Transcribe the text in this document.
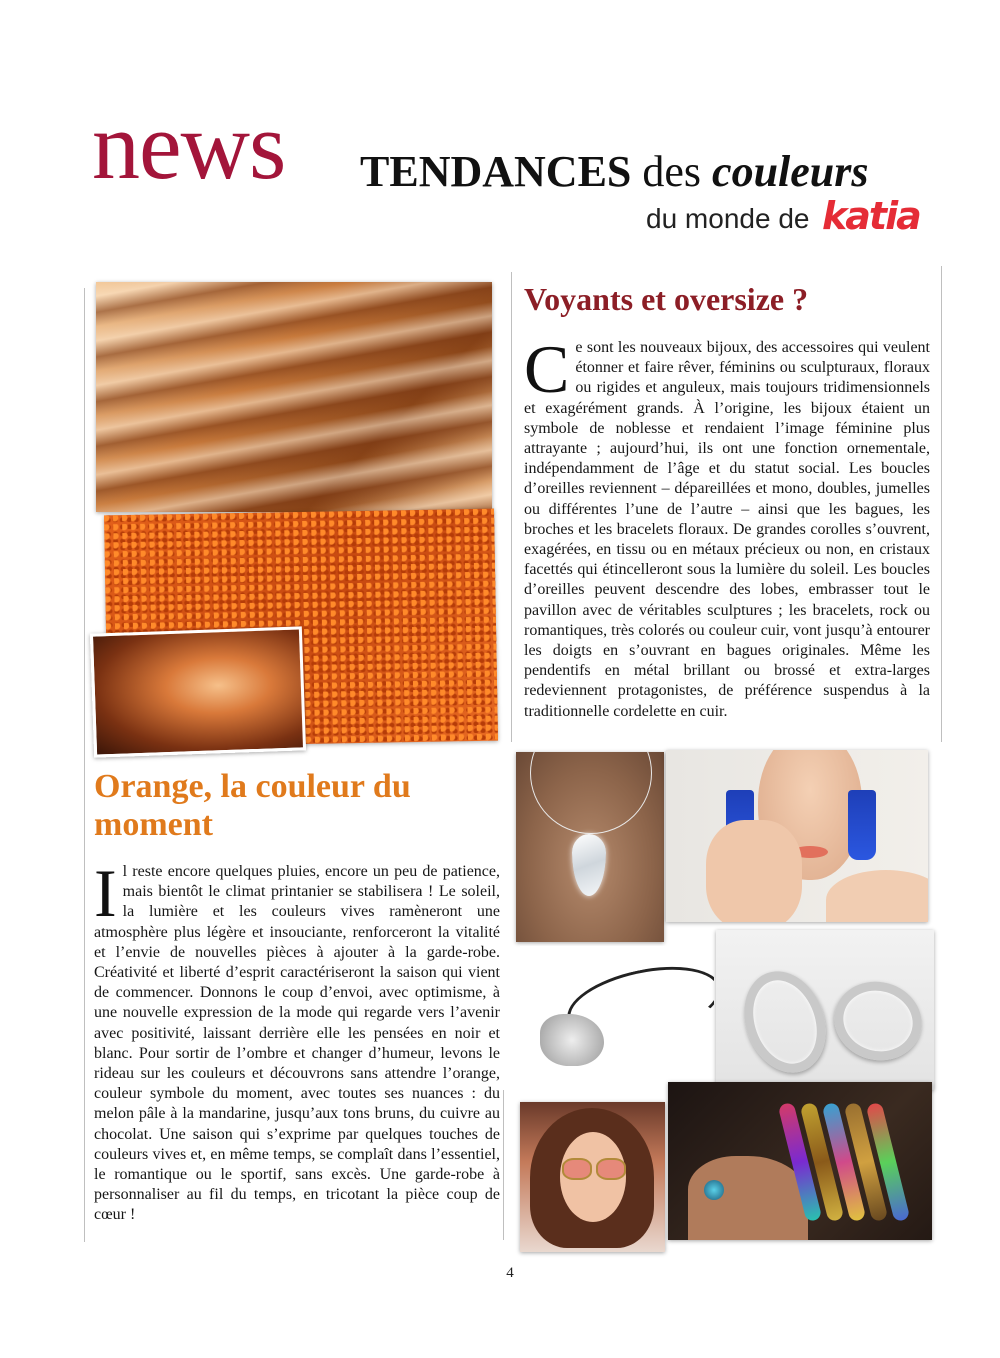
news TENDANCES des couleurs
du monde de katia
Voyants et oversize ?
Ce sont les nouveaux bijoux, des accessoires qui veulent étonner et faire rêver, féminins ou sculpturaux, floraux ou rigides et anguleux, mais toujours tridimensionnels et exagérément grands. À l’origine, les bijoux étaient un symbole de noblesse et rendaient l’image féminine plus attrayante ; aujourd’hui, ils ont une fonction ornementale, indépendamment de l’âge et du statut social. Les boucles d’oreilles reviennent – dépareillées et mono, doubles, jumelles ou différentes l’une de l’autre – ainsi que les bagues, les broches et les bracelets floraux. De grandes corolles s’ouvrent, exagérées, en tissu ou en métaux précieux ou non, en cristaux facettés qui étincelleront sous la lumière du soleil. Les boucles d’oreilles peuvent descendre des lobes, embrasser tout le pavillon avec de véritables sculptures ; les bracelets, rock ou romantiques, très colorés ou couleur cuir, vont jusqu’à entourer les doigts en s’ouvrant en bagues originales. Même les pendentifs en métal brillant ou brossé et extra-larges redeviennent protagonistes, de préférence suspendus à la traditionnelle cordelette en cuir.
Orange, la couleur du moment
Il reste encore quelques pluies, encore un peu de patience, mais bientôt le climat printanier se stabilisera ! Le soleil, la lumière et les couleurs vives ramèneront une atmosphère plus légère et insouciante, renforceront la vitalité et l’envie de nouvelles pièces à ajouter à la garde-robe. Créativité et liberté d’esprit caractériseront la saison qui vient de commencer. Donnons le coup d’envoi, avec optimisme, à une nouvelle expression de la mode qui regarde vers l’avenir avec positivité, laissant derrière elle les pensées en noir et blanc. Pour sortir de l’ombre et changer d’humeur, levons le rideau sur les couleurs et découvrons sans attendre l’orange, couleur symbole du moment, avec toutes ses nuances : du melon pâle à la mandarine, jusqu’aux tons bruns, du cuivre au chocolat. Une saison qui s’exprime par quelques touches de couleurs vives et, en même temps, se complaît dans l’essentiel, le romantique ou le sportif, sans excès. Une garde-robe à personnaliser au fil du temps, en tricotant la pièce coup de cœur !
4
